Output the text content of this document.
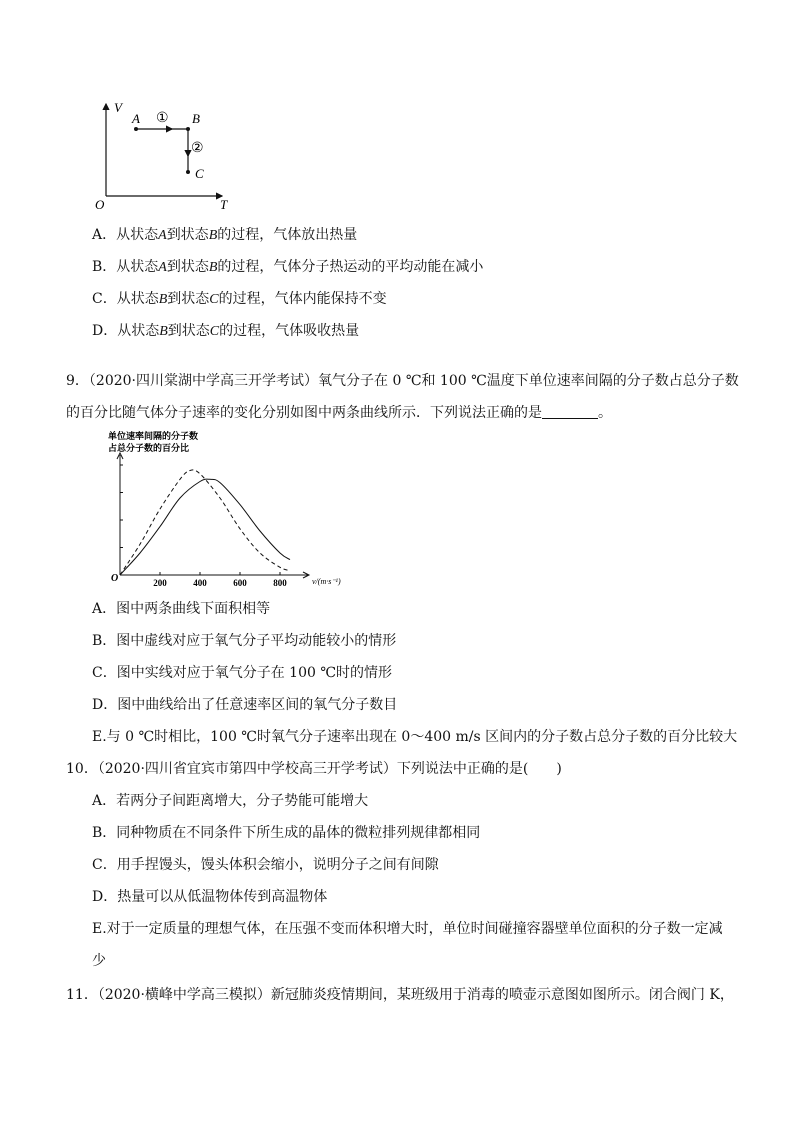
V
T
O
A	B
C
①
②
A．从状态A到状态B的过程，气体放出热量
B．从状态A到状态B的过程，气体分子热运动的平均动能在减小
C．从状态B到状态C的过程，气体内能保持不变
D．从状态B到状态C的过程，气体吸收热量
9．（2020·四川棠湖中学高三开学考试）氧气分子在 0 ℃和 100 ℃温度下单位速率间隔的分子数占总分子数
的百分比随气体分子速率的变化分别如图中两条曲线所示．下列说法正确的是	。
单位速率间隔的分子数
占总分子数的百分比
200	400	600	800
O	v/(m·s⁻¹)
A．图中两条曲线下面积相等
B．图中虚线对应于氧气分子平均动能较小的情形
C．图中实线对应于氧气分子在 100 ℃时的情形
D．图中曲线给出了任意速率区间的氧气分子数目
E.与 0 ℃时相比，100 ℃时氧气分子速率出现在 0～400 m/s 区间内的分子数占总分子数的百分比较大
10．（2020·四川省宜宾市第四中学校高三开学考试）下列说法中正确的是(　　)
A．若两分子间距离增大，分子势能可能增大
B．同种物质在不同条件下所生成的晶体的微粒排列规律都相同
C．用手捏馒头，馒头体积会缩小，说明分子之间有间隙
D．热量可以从低温物体传到高温物体
E.对于一定质量的理想气体，在压强不变而体积增大时，单位时间碰撞容器壁单位面积的分子数一定减
少
11．（2020·横峰中学高三模拟）新冠肺炎疫情期间，某班级用于消毒的喷壶示意图如图所示。闭合阀门 K，
